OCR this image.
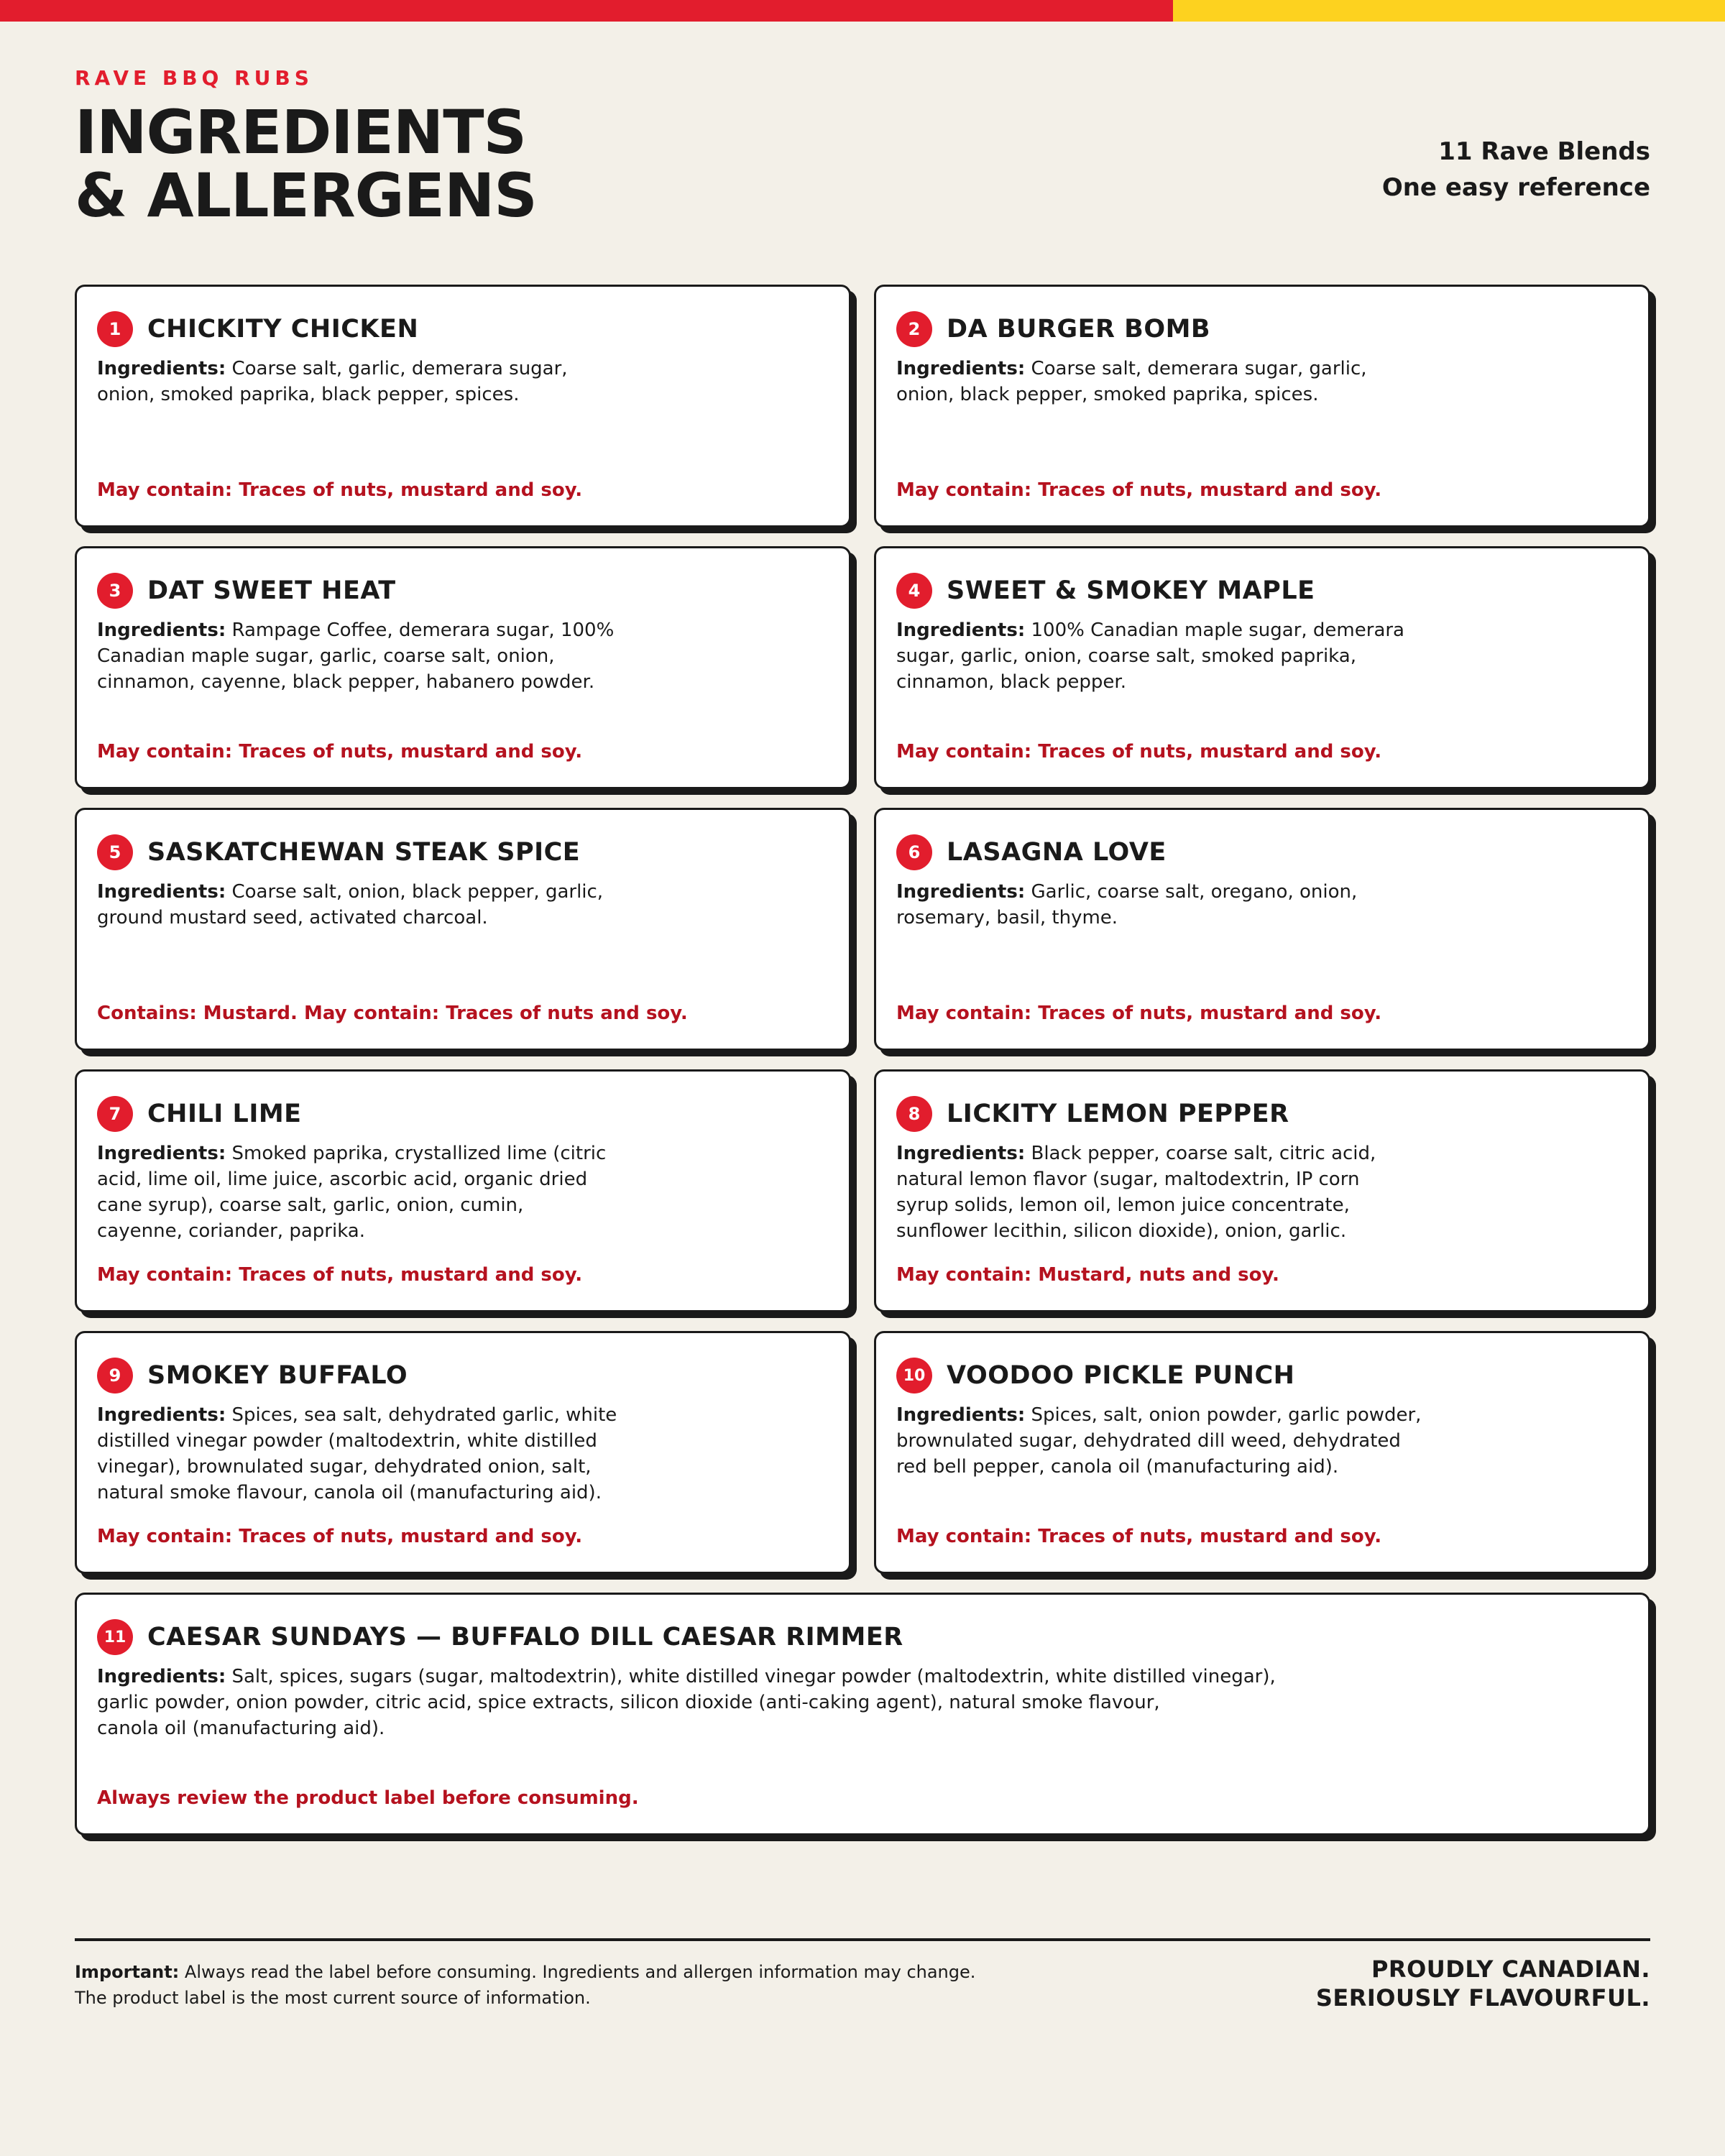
RAVE BBQ RUBS
INGREDIENTS
& ALLERGENS
11 Rave Blends
One easy reference
1	CHICKITY CHICKEN
Ingredients: Coarse salt, garlic, demerara sugar,
onion, smoked paprika, black pepper, spices.
May contain: Traces of nuts, mustard and soy.
2	DA BURGER BOMB
Ingredients: Coarse salt, demerara sugar, garlic,
onion, black pepper, smoked paprika, spices.
May contain: Traces of nuts, mustard and soy.
3	DAT SWEET HEAT
Ingredients: Rampage Coffee, demerara sugar, 100%
Canadian maple sugar, garlic, coarse salt, onion,
cinnamon, cayenne, black pepper, habanero powder.
May contain: Traces of nuts, mustard and soy.
4	SWEET & SMOKEY MAPLE
Ingredients: 100% Canadian maple sugar, demerara
sugar, garlic, onion, coarse salt, smoked paprika,
cinnamon, black pepper.
May contain: Traces of nuts, mustard and soy.
5	SASKATCHEWAN STEAK SPICE
Ingredients: Coarse salt, onion, black pepper, garlic,
ground mustard seed, activated charcoal.
Contains: Mustard. May contain: Traces of nuts and soy.
6	LASAGNA LOVE
Ingredients: Garlic, coarse salt, oregano, onion,
rosemary, basil, thyme.
May contain: Traces of nuts, mustard and soy.
7	CHILI LIME
Ingredients: Smoked paprika, crystallized lime (citric
acid, lime oil, lime juice, ascorbic acid, organic dried
cane syrup), coarse salt, garlic, onion, cumin,
cayenne, coriander, paprika.
May contain: Traces of nuts, mustard and soy.
8	LICKITY LEMON PEPPER
Ingredients: Black pepper, coarse salt, citric acid,
natural lemon flavor (sugar, maltodextrin, IP corn
syrup solids, lemon oil, lemon juice concentrate,
sunflower lecithin, silicon dioxide), onion, garlic.
May contain: Mustard, nuts and soy.
9	SMOKEY BUFFALO
Ingredients: Spices, sea salt, dehydrated garlic, white
distilled vinegar powder (maltodextrin, white distilled
vinegar), brownulated sugar, dehydrated onion, salt,
natural smoke flavour, canola oil (manufacturing aid).
May contain: Traces of nuts, mustard and soy.
10 VOODOO PICKLE PUNCH
Ingredients: Spices, salt, onion powder, garlic powder,
brownulated sugar, dehydrated dill weed, dehydrated
red bell pepper, canola oil (manufacturing aid).
May contain: Traces of nuts, mustard and soy.
11 CAESAR SUNDAYS — BUFFALO DILL CAESAR RIMMER
Ingredients: Salt, spices, sugars (sugar, maltodextrin), white distilled vinegar powder (maltodextrin, white distilled vinegar),
garlic powder, onion powder, citric acid, spice extracts, silicon dioxide (anti-caking agent), natural smoke flavour,
canola oil (manufacturing aid).
Always review the product label before consuming.
Important: Always read the label before consuming. Ingredients and allergen information may change.
The product label is the most current source of information.
PROUDLY CANADIAN.
SERIOUSLY FLAVOURFUL.
